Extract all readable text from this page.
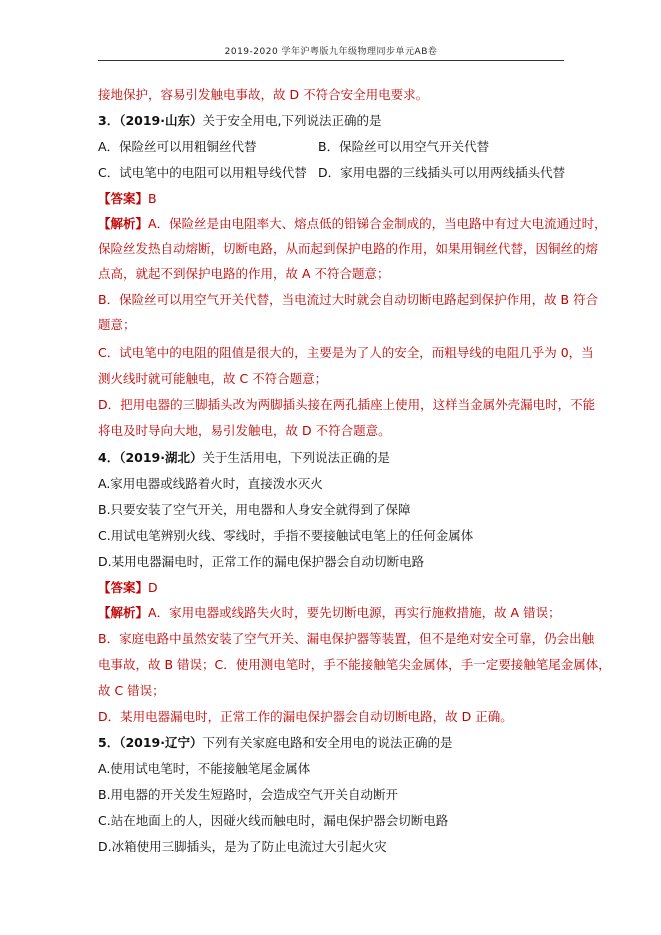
2019-2020 学年沪粤版九年级物理同步单元AB卷
接地保护，容易引发触电事故，故 D 不符合安全用电要求。
3．（2019·山东）关于安全用电,下列说法正确的是
A．保险丝可以用粗铜丝代替	B．保险丝可以用空气开关代替
C．试电笔中的电阻可以用粗导线代替 D．家用电器的三线插头可以用两线插头代替
【答案】B
【解析】A．保险丝是由电阻率大、熔点低的铅锑合金制成的，当电路中有过大电流通过时，
保险丝发热自动熔断，切断电路，从而起到保护电路的作用，如果用铜丝代替，因铜丝的熔
点高，就起不到保护电路的作用，故 A 不符合题意；
B．保险丝可以用空气开关代替，当电流过大时就会自动切断电路起到保护作用，故 B 符合
题意；
C．试电笔中的电阻的阻值是很大的，主要是为了人的安全，而粗导线的电阻几乎为 0，当
测火线时就可能触电，故 C 不符合题意；
D．把用电器的三脚插头改为两脚插头接在两孔插座上使用，这样当金属外壳漏电时，不能
将电及时导向大地，易引发触电，故 D 不符合题意。
4．（2019·湖北）关于生活用电，下列说法正确的是
A.家用电器或线路着火时，直接泼水灭火
B.只要安装了空气开关，用电器和人身安全就得到了保障
C.用试电笔辨别火线、零线时，手指不要接触试电笔上的任何金属体
D.某用电器漏电时，正常工作的漏电保护器会自动切断电路
【答案】D
【解析】A．家用电器或线路失火时，要先切断电源，再实行施救措施，故 A 错误；
B．家庭电路中虽然安装了空气开关、漏电保护器等装置，但不是绝对安全可靠，仍会出触
电事故，故 B 错误；C．使用测电笔时，手不能接触笔尖金属体，手一定要接触笔尾金属体，
故 C 错误；
D．某用电器漏电时，正常工作的漏电保护器会自动切断电路，故 D 正确。
5．（2019·辽宁）下列有关家庭电路和安全用电的说法正确的是
A.使用试电笔时，不能接触笔尾金属体
B.用电器的开关发生短路时，会造成空气开关自动断开
C.站在地面上的人，因碰火线而触电时，漏电保护器会切断电路
D.冰箱使用三脚插头，是为了防止电流过大引起火灾
